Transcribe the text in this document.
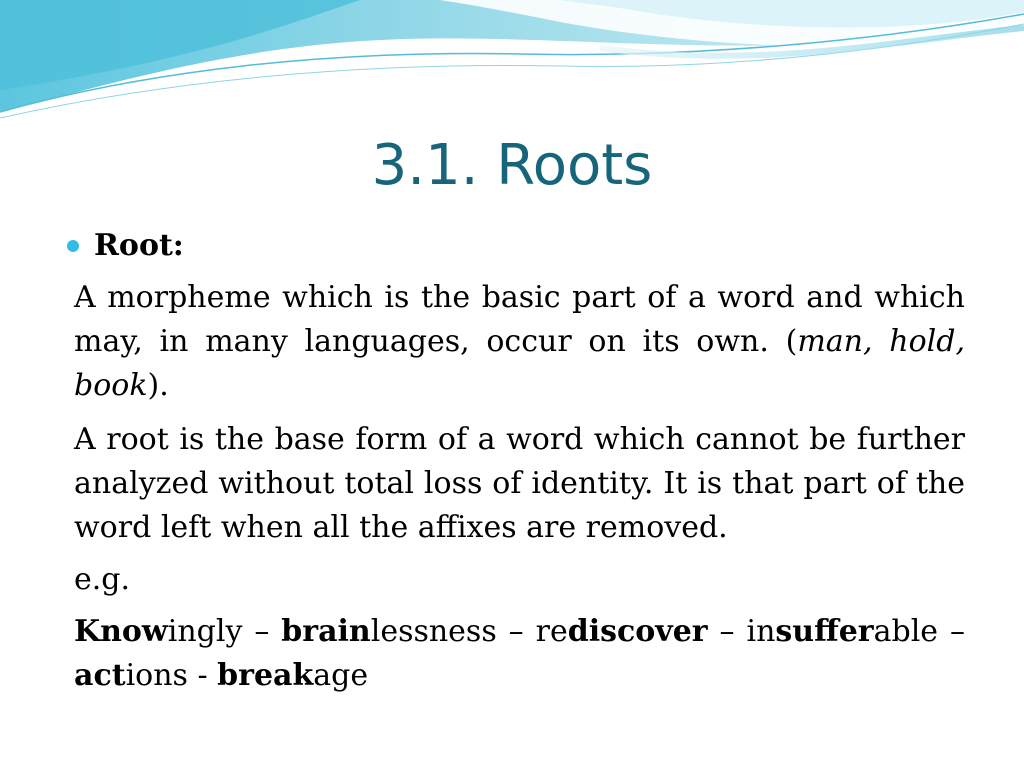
3.1. Roots
Root:

A morpheme which is the basic part of a word and which may, in many languages, occur on its own. (man, hold, book).

A root is the base form of a word which cannot be further analyzed without total loss of identity. It is that part of the word left when all the affixes are removed.

e.g.

Knowingly – brainlessness – rediscover – insufferable – actions - breakage
